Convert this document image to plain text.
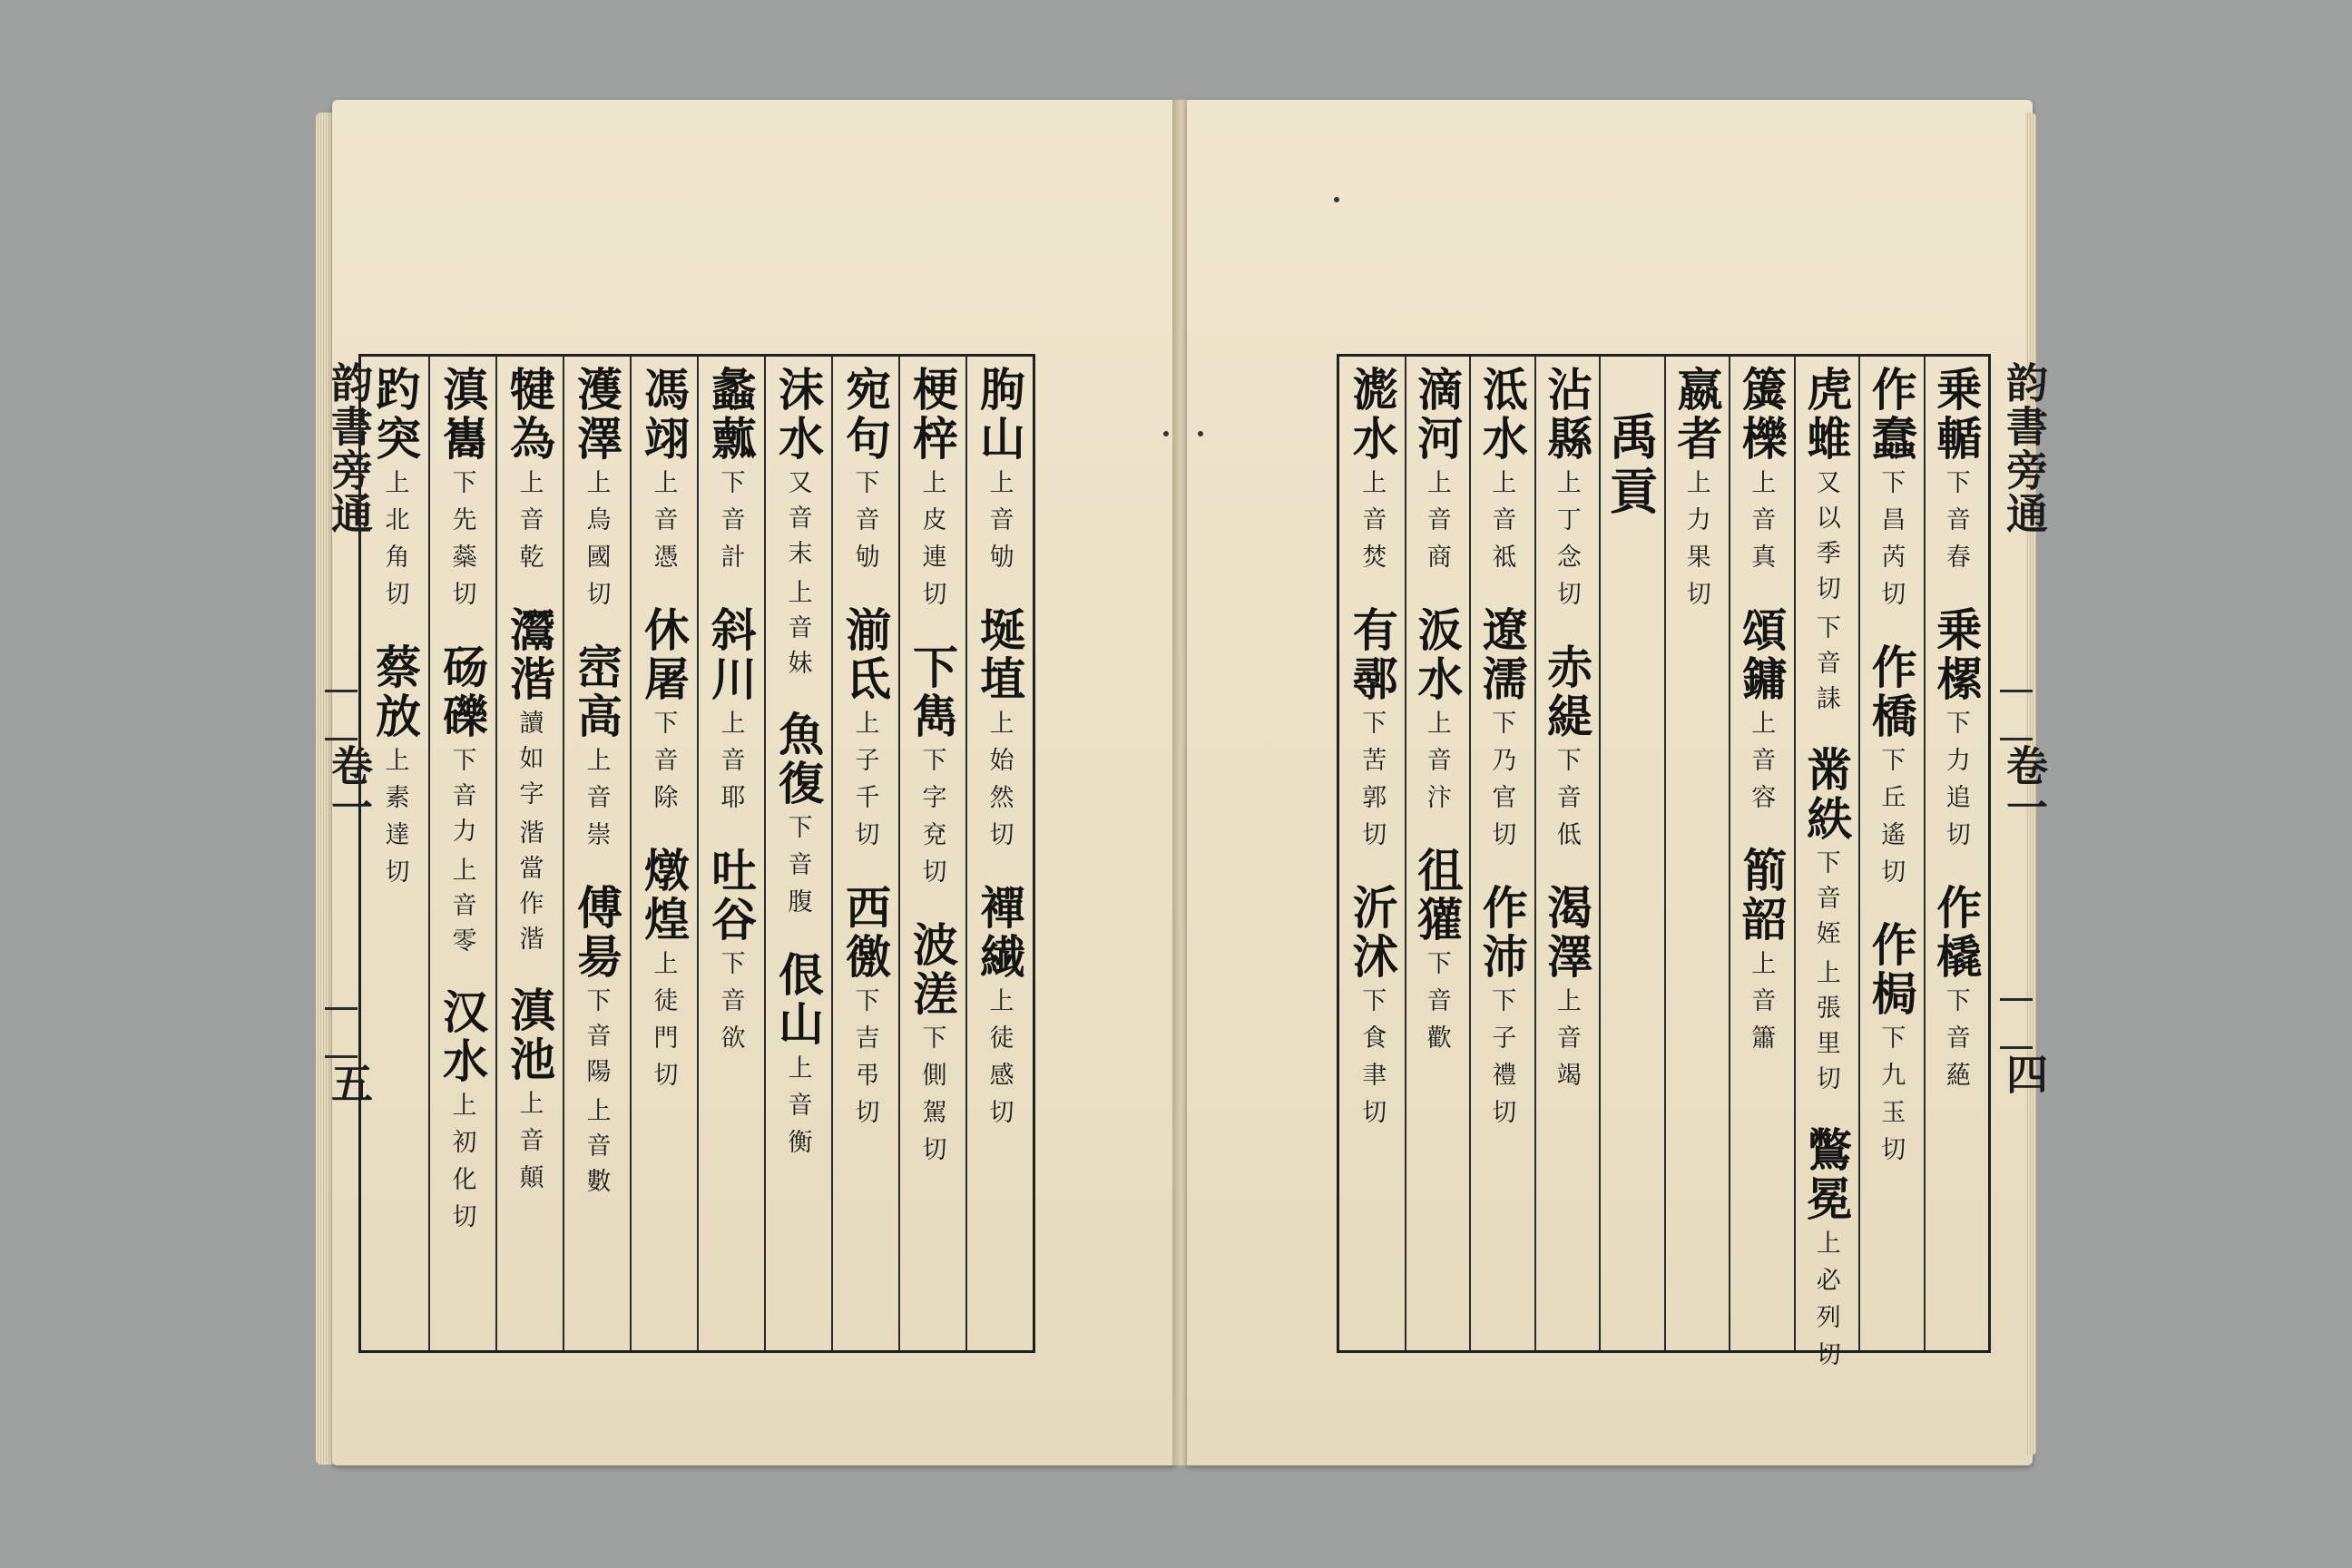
韵書旁通
卷一
五
朐山
上音劬
埏埴
上始然切
襌繊
上徒感切
梗梓
上皮連切
下雋
下字兗切
波溠
下側駕切
宛句
下音劬
湔氐
上子千切
西徼
下吉弔切
沫水
上音妹
又音末
魚復
下音腹
佷山
上音衡
蠡䕯
下音計
斜川
上音耶
吐谷
下音欲
馮翊
上音憑
休屠
下音除
燉煌
上徒門切
濩澤
上烏國切
崈高
上音崇
傅昜
上音數
下音陽
犍為
上音乾
灊湝
湝當作湝
讀如字
滇池
上音顛
滇巂
下先蘂切
砀礫
上音零
下音力
汉水
上初化切
趵突
上北角切
蔡放
上素達切
乗輴
下音春
乗樏
下力追切
作橇
下音蕝
作蠢
下昌芮切
作橋
下丘遙切
作梮
下九玉切
虎蜼
下音誄
又以季切
黹紩
上張里切
下音姪
鷩冕
上必列切
簴櫟
上音真
頌鏞
上音容
箾韶
上音簫
嬴者
上力果切
禹貢
沾縣
上丁念切
赤緹
下音低
渴澤
上音竭
泜水
上音祗
遼濡
下乃官切
作沛
下子禮切
滴河
上音商
汳水
上音汴
徂獾
下音歡
滮水
上音焚
有鄩
下苦郭切
沂沭
下食聿切
韵書旁通
卷一
四
